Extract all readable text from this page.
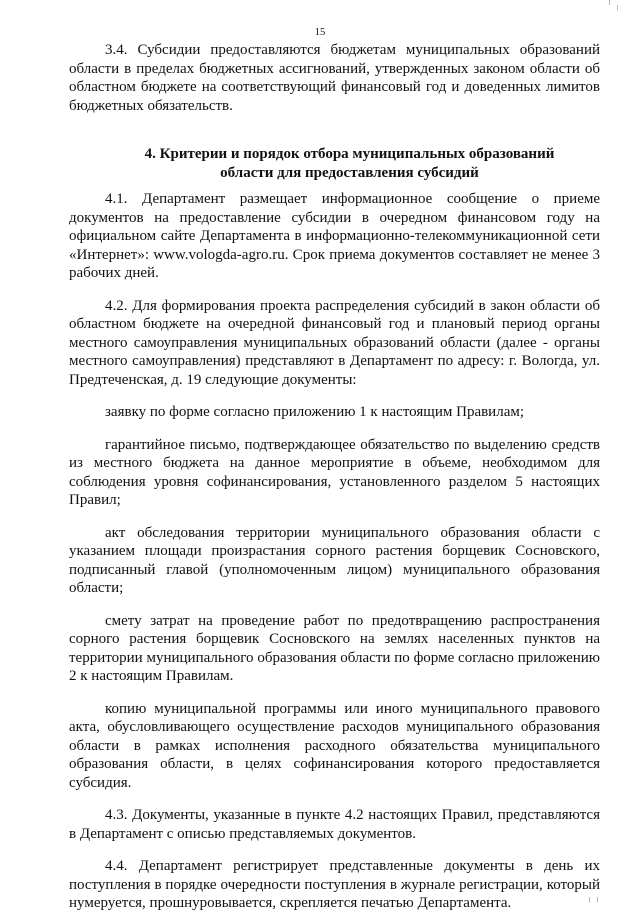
╵ ╷
15

3.4. Субсидии предоставляются бюджетам муниципальных образований области в пределах бюджетных ассигнований, утвержденных законом области об областном бюджете на соответствующий финансовый год и доведенных лимитов бюджетных обязательств.

4. Критерии и порядок отбора муниципальных образований
области для предоставления субсидий

4.1. Департамент размещает информационное сообщение о приеме документов на предоставление субсидии в очередном финансовом году на официальном сайте Департамента в информационно-телекоммуникационной сети «Интернет»: www.vologda-agro.ru. Срок приема документов составляет не менее 3 рабочих дней.

4.2. Для формирования проекта распределения субсидий в закон области об областном бюджете на очередной финансовый год и плановый период органы местного самоуправления муниципальных образований области (далее - органы местного самоуправления) представляют в Департамент по адресу: г. Вологда, ул. Предтеченская, д. 19 следующие документы:

заявку по форме согласно приложению 1 к настоящим Правилам;

гарантийное письмо, подтверждающее обязательство по выделению средств из местного бюджета на данное мероприятие в объеме, необходимом для соблюдения уровня софинансирования, установленного разделом 5 настоящих Правил;

акт обследования территории муниципального образования области с указанием площади произрастания сорного растения борщевик Сосновского, подписанный главой (уполномоченным лицом) муниципального образования области;

смету затрат на проведение работ по предотвращению распространения сорного растения борщевик Сосновского на землях населенных пунктов на территории муниципального образования области по форме согласно приложению 2 к настоящим Правилам.

копию муниципальной программы или иного муниципального правового акта, обусловливающего осуществление расходов муниципального образования области в рамках исполнения расходного обязательства муниципального образования области, в целях софинансирования которого предоставляется субсидия.

4.3. Документы, указанные в пункте 4.2 настоящих Правил, представляются в Департамент с описью представляемых документов.

4.4. Департамент регистрирует представленные документы в день их поступления в порядке очередности поступления в журнале регистрации, который нумеруется, прошнуровывается, скрепляется печатью Департамента.	╷ ╷
